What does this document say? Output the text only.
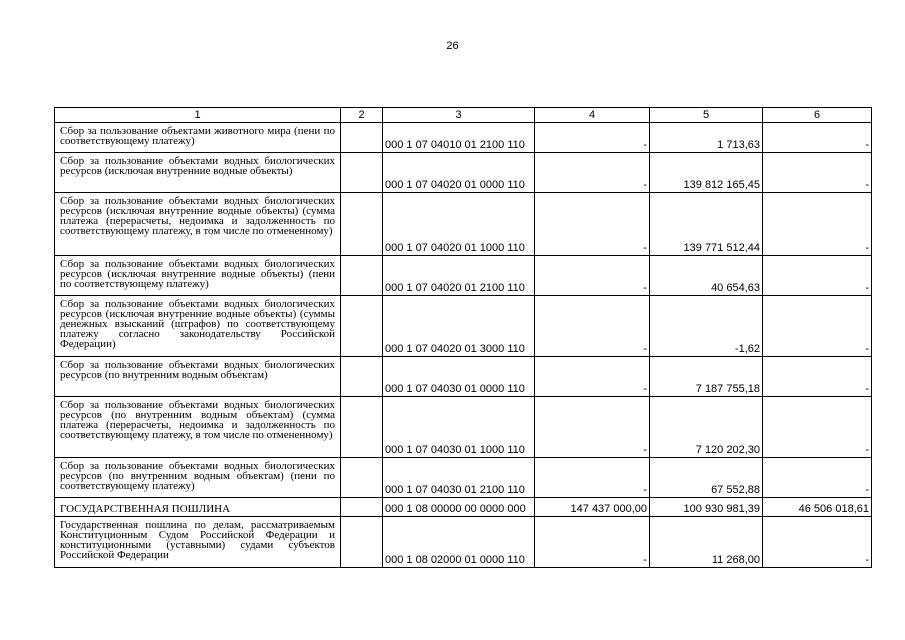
26
1	2	3	4	5	6
Сбор за пользование объектами животного мира (пени по соответствующему платежу)		000 1 07 04010 01 2100 110	-	1 713,63	-
Сбор за пользование объектами водных биологических ресурсов (исключая внутренние водные объекты)		000 1 07 04020 01 0000 110	-	139 812 165,45	-
Сбор за пользование объектами водных биологических ресурсов (исключая внутренние водные объекты) (сумма платежа (перерасчеты, недоимка и задолженность по соответствующему платежу, в том числе по отмененному)		000 1 07 04020 01 1000 110	-	139 771 512,44	-
Сбор за пользование объектами водных биологических ресурсов (исключая внутренние водные объекты) (пени по соответствующему платежу)		000 1 07 04020 01 2100 110	-	40 654,63	-
Сбор за пользование объектами водных биологических ресурсов (исключая внутренние водные объекты) (суммы денежных взысканий (штрафов) по соответствующему платежу согласно законодательству Российской Федерации)		000 1 07 04020 01 3000 110	-	-1,62	-
Сбор за пользование объектами водных биологических ресурсов (по внутренним водным объектам)		000 1 07 04030 01 0000 110	-	7 187 755,18	-
Сбор за пользование объектами водных биологических ресурсов (по внутренним водным объектам) (сумма платежа (перерасчеты, недоимка и задолженность по соответствующему платежу, в том числе по отмененному)		000 1 07 04030 01 1000 110	-	7 120 202,30	-
Сбор за пользование объектами водных биологических ресурсов (по внутренним водным объектам) (пени по соответствующему платежу)		000 1 07 04030 01 2100 110	-	67 552,88	-
ГОСУДАРСТВЕННАЯ ПОШЛИНА		000 1 08 00000 00 0000 000	147 437 000,00	100 930 981,39	46 506 018,61
Государственная пошлина по делам, рассматриваемым Конституционным Судом Российской Федерации и конституционными (уставными) судами субъектов Российской Федерации		000 1 08 02000 01 0000 110	-	11 268,00	-
